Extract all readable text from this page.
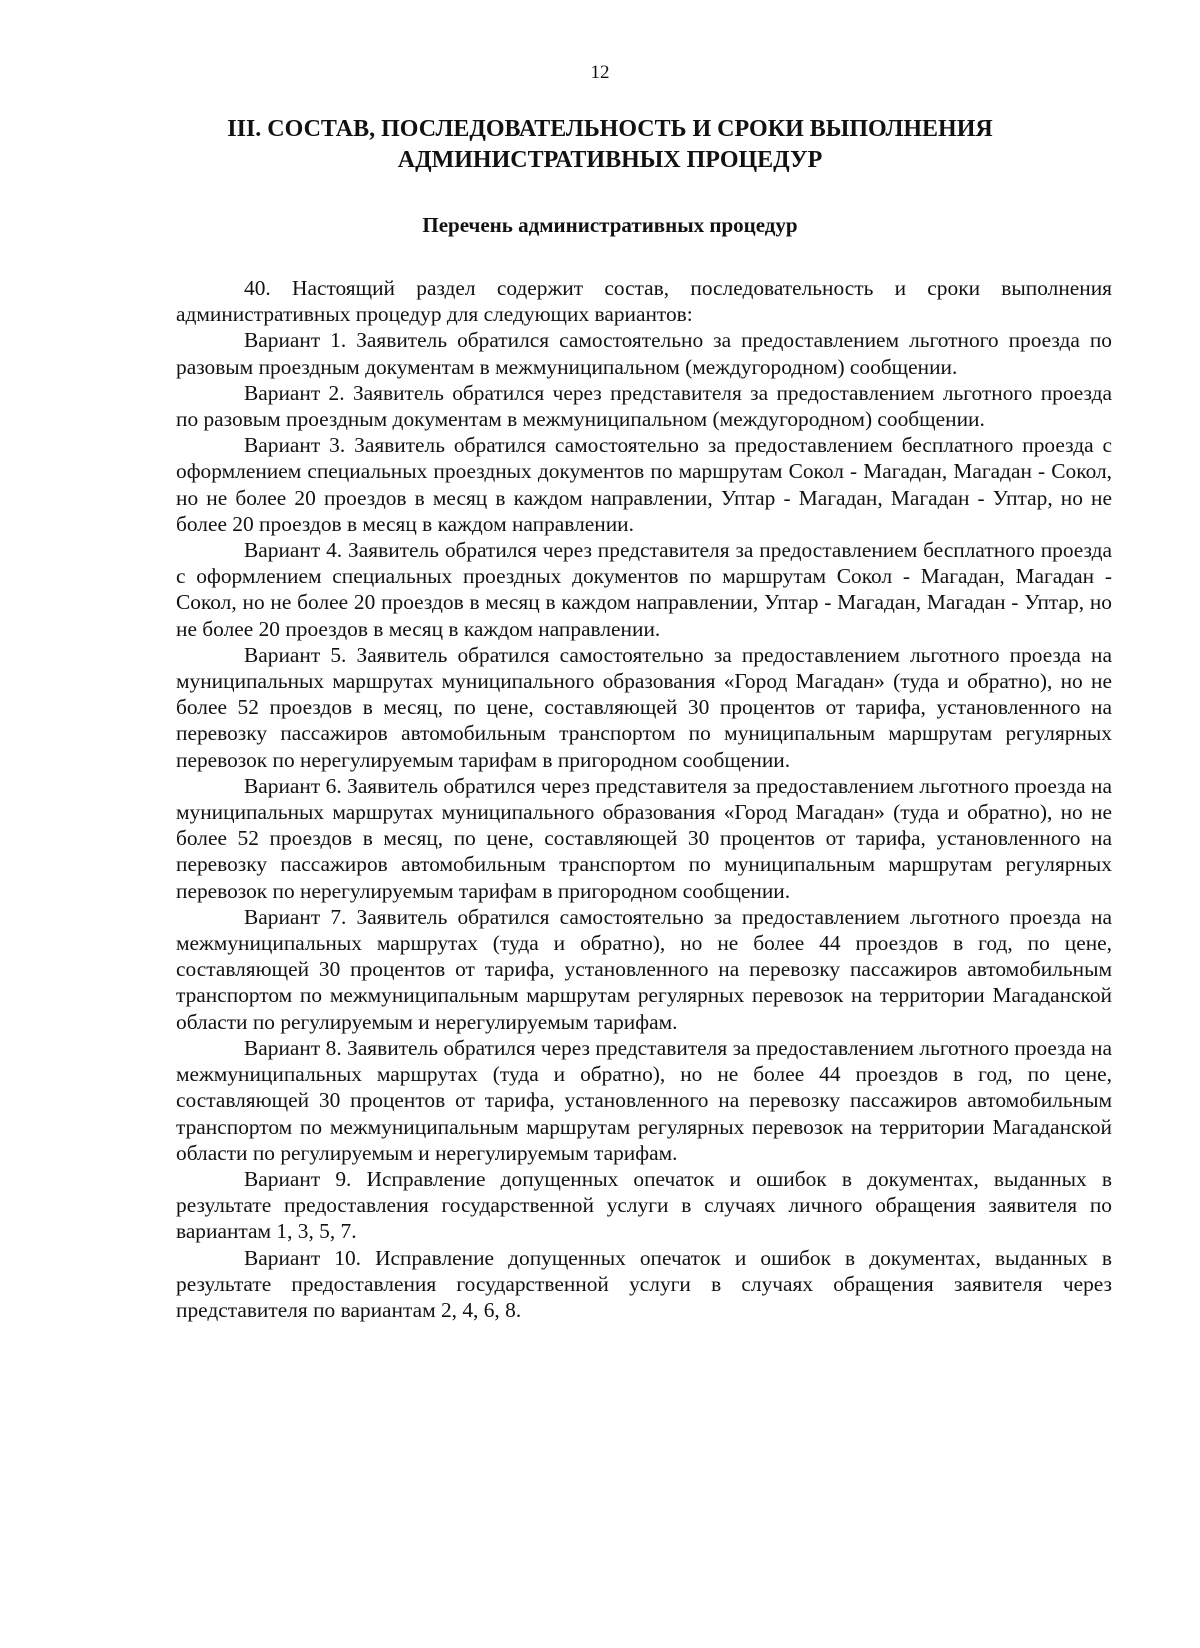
12
III. СОСТАВ, ПОСЛЕДОВАТЕЛЬНОСТЬ И СРОКИ ВЫПОЛНЕНИЯ
АДМИНИСТРАТИВНЫХ ПРОЦЕДУР
Перечень административных процедур

40. Настоящий раздел содержит состав, последовательность и сроки выполнения административных процедур для следующих вариантов:

Вариант 1. Заявитель обратился самостоятельно за предоставлением льготного проезда по разовым проездным документам в межмуниципальном (междугородном) сообщении.

Вариант 2. Заявитель обратился через представителя за предоставлением льготного проезда по разовым проездным документам в межмуниципальном (междугородном) сообщении.

Вариант 3. Заявитель обратился самостоятельно за предоставлением бесплатного проезда с оформлением специальных проездных документов по маршрутам Сокол - Магадан, Магадан - Сокол, но не более 20 проездов в месяц в каждом направлении, Уптар - Магадан, Магадан - Уптар, но не более 20 проездов в месяц в каждом направлении.

Вариант 4. Заявитель обратился через представителя за предоставлением бесплатного проезда с оформлением специальных проездных документов по маршрутам Сокол - Магадан, Магадан - Сокол, но не более 20 проездов в месяц в каждом направлении, Уптар - Магадан, Магадан - Уптар, но не более 20 проездов в месяц в каждом направлении.

Вариант 5. Заявитель обратился самостоятельно за предоставлением льготного проезда на муниципальных маршрутах муниципального образования «Город Магадан» (туда и обратно), но не более 52 проездов в месяц, по цене, составляющей 30 процентов от тарифа, установленного на перевозку пассажиров автомобильным транспортом по муниципальным маршрутам регулярных перевозок по нерегулируемым тарифам в пригородном сообщении.

Вариант 6. Заявитель обратился через представителя за предоставлением льготного проезда на муниципальных маршрутах муниципального образования «Город Магадан» (туда и обратно), но не более 52 проездов в месяц, по цене, составляющей 30 процентов от тарифа, установленного на перевозку пассажиров автомобильным транспортом по муниципальным маршрутам регулярных перевозок по нерегулируемым тарифам в пригородном сообщении.

Вариант 7. Заявитель обратился самостоятельно за предоставлением льготного проезда на межмуниципальных маршрутах (туда и обратно), но не более 44 проездов в год, по цене, составляющей 30 процентов от тарифа, установленного на перевозку пассажиров автомобильным транспортом по межмуниципальным маршрутам регулярных перевозок на территории Магаданской области по регулируемым и нерегулируемым тарифам.

Вариант 8. Заявитель обратился через представителя за предоставлением льготного проезда на межмуниципальных маршрутах (туда и обратно), но не более 44 проездов в год, по цене, составляющей 30 процентов от тарифа, установленного на перевозку пассажиров автомобильным транспортом по межмуниципальным маршрутам регулярных перевозок на территории Магаданской области по регулируемым и нерегулируемым тарифам.

Вариант 9. Исправление допущенных опечаток и ошибок в документах, выданных в результате предоставления государственной услуги в случаях личного обращения заявителя по вариантам 1, 3, 5, 7.

Вариант 10. Исправление допущенных опечаток и ошибок в документах, выданных в результате предоставления государственной услуги в случаях обращения заявителя через представителя по вариантам 2, 4, 6, 8.
